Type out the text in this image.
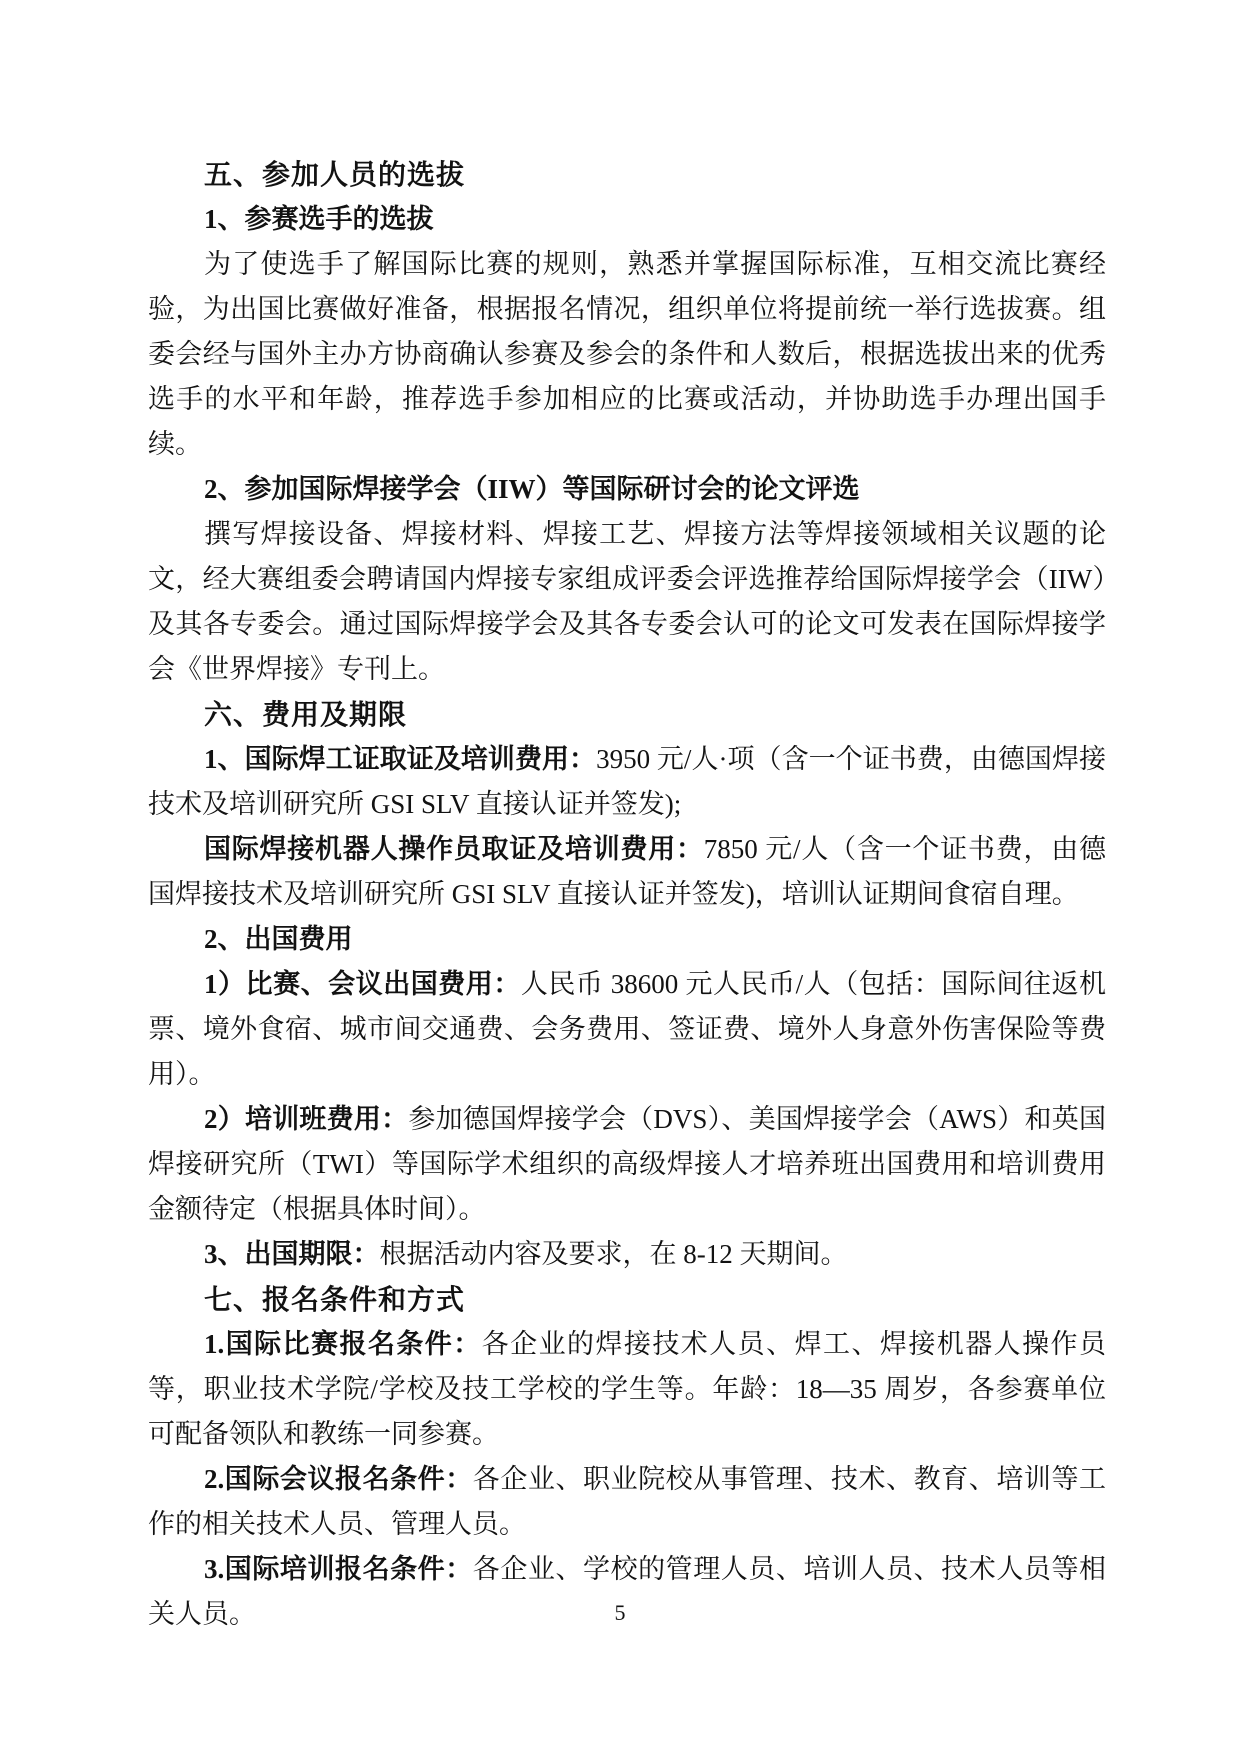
五、参加人员的选拔
1、参赛选手的选拔

为了使选手了解国际比赛的规则，熟悉并掌握国际标准，互相交流比赛经验，为出国比赛做好准备，根据报名情况，组织单位将提前统一举行选拔赛。组委会经与国外主办方协商确认参赛及参会的条件和人数后，根据选拔出来的优秀选手的水平和年龄，推荐选手参加相应的比赛或活动，并协助选手办理出国手续。

2、参加国际焊接学会（IIW）等国际研讨会的论文评选

撰写焊接设备、焊接材料、焊接工艺、焊接方法等焊接领域相关议题的论文，经大赛组委会聘请国内焊接专家组成评委会评选推荐给国际焊接学会（IIW）及其各专委会。通过国际焊接学会及其各专委会认可的论文可发表在国际焊接学会《世界焊接》专刊上。

六、费用及期限

1、国际焊工证取证及培训费用：3950 元/人·项（含一个证书费，由德国焊接技术及培训研究所 GSI SLV 直接认证并签发);

国际焊接机器人操作员取证及培训费用：7850 元/人（含一个证书费，由德国焊接技术及培训研究所 GSI SLV 直接认证并签发)，培训认证期间食宿自理。

2、出国费用

1）比赛、会议出国费用：人民币 38600 元人民币/人（包括：国际间往返机票、境外食宿、城市间交通费、会务费用、签证费、境外人身意外伤害保险等费用）。

2）培训班费用：参加德国焊接学会（DVS）、美国焊接学会（AWS）和英国焊接研究所（TWI）等国际学术组织的高级焊接人才培养班出国费用和培训费用金额待定（根据具体时间）。

3、出国期限：根据活动内容及要求，在 8-12 天期间。

七、报名条件和方式

1.国际比赛报名条件：各企业的焊接技术人员、焊工、焊接机器人操作员等，职业技术学院/学校及技工学校的学生等。年龄：18—35 周岁，各参赛单位可配备领队和教练一同参赛。

2.国际会议报名条件：各企业、职业院校从事管理、技术、教育、培训等工作的相关技术人员、管理人员。

3.国际培训报名条件：各企业、学校的管理人员、培训人员、技术人员等相关人员。	5
